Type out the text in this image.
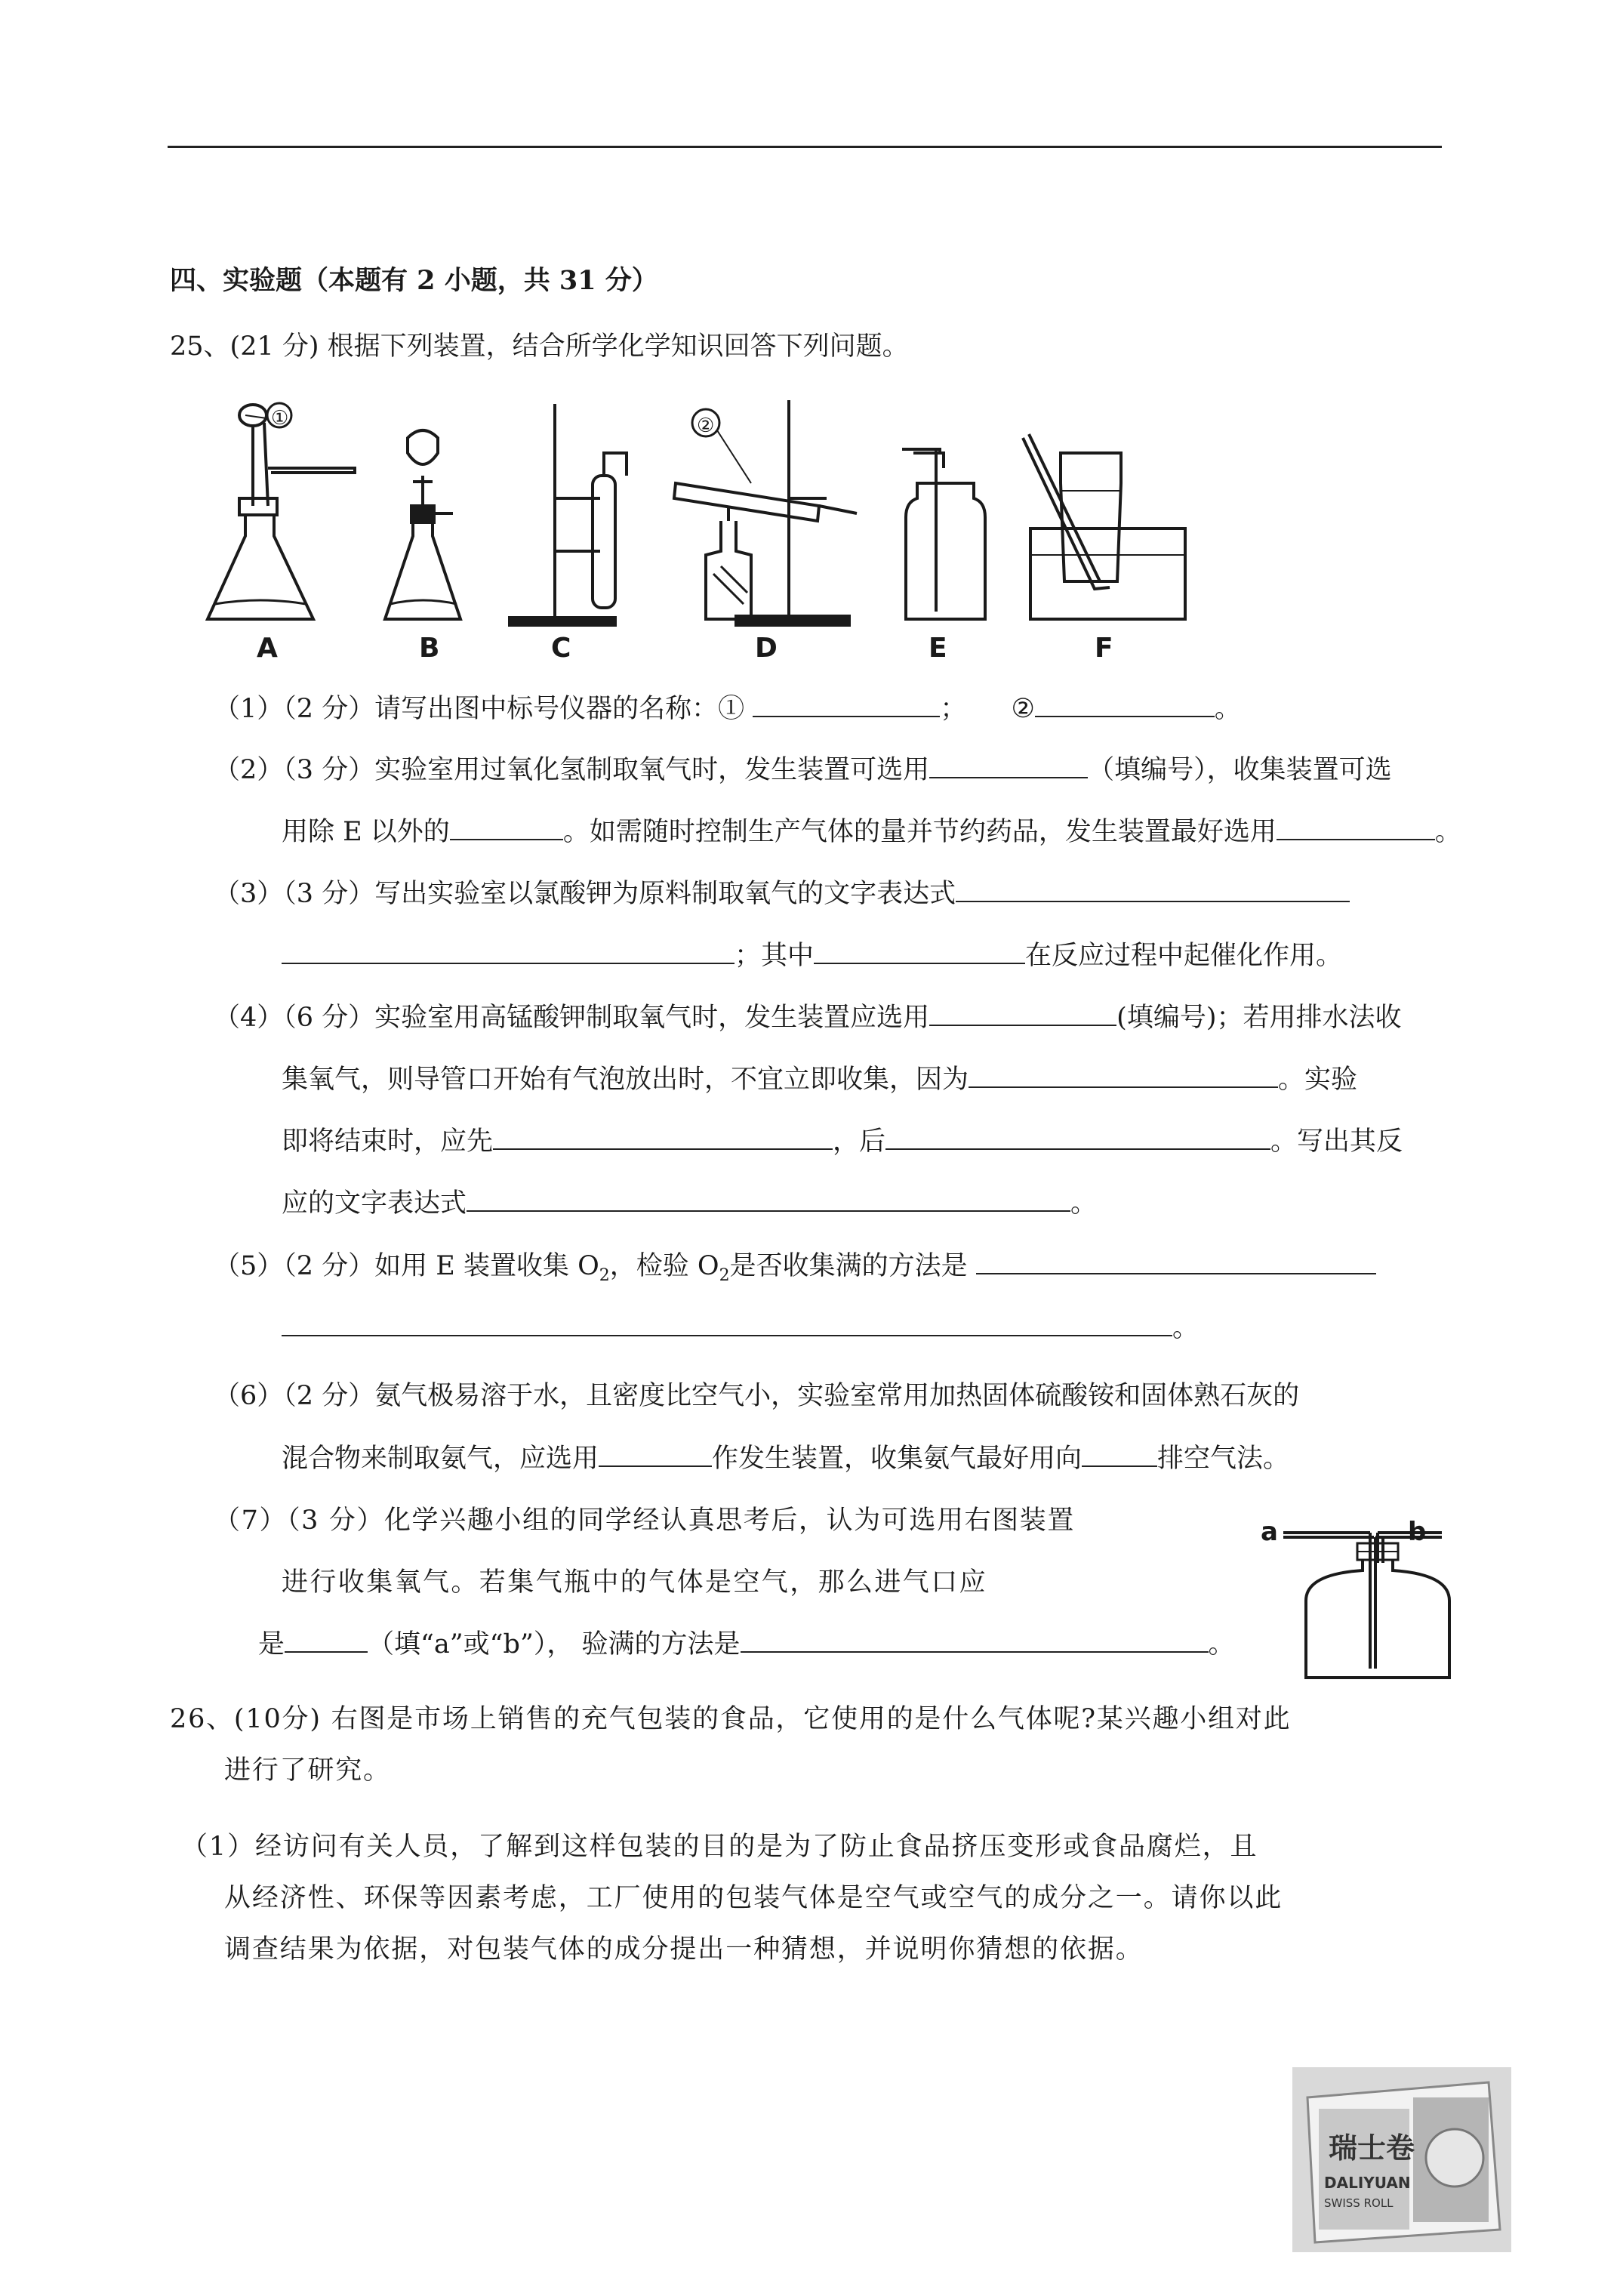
四、实验题（本题有 2 小题，共 31 分）
25、(21 分) 根据下列装置，结合所学化学知识回答下列问题。
A	B	C	D	E	F
①	②
（1）（2 分）请写出图中标号仪器的名称：①	； ②	。
（2）（3 分）实验室用过氧化氢制取氧气时，发生装置可选用	（填编号），收集装置可选
用除 E 以外的	。如需随时控制生产气体的量并节约药品，发生装置最好选用	。
（3）（3 分）写出实验室以氯酸钾为原料制取氧气的文字表达式
；其中	在反应过程中起催化作用。
（4）（6 分）实验室用高锰酸钾制取氧气时，发生装置应选用	(填编号)；若用排水法收
集氧气，则导管口开始有气泡放出时，不宜立即收集，因为	。实验
即将结束时，应先	，后	。写出其反
应的文字表达式	。
（5）（2 分）如用 E 装置收集 $O_2$，检验 $O_2$是否收集满的方法是
。
（6）（2 分）氨气极易溶于水，且密度比空气小，实验室常用加热固体硫酸铵和固体熟石灰的
混合物来制取氨气，应选用	作发生装置，收集氨气最好用向	排空气法。
（7）（3 分）化学兴趣小组的同学经认真思考后，认为可选用右图装置
进行收集氧气。若集气瓶中的气体是空气，那么进气口应
是	（填“a”或“b”）， 验满的方法是	。
a	b
26、(10分) 右图是市场上销售的充气包装的食品，它使用的是什么气体呢?某兴趣小组对此
进行了研究。
（1）经访问有关人员，了解到这样包装的目的是为了防止食品挤压变形或食品腐烂，且
从经济性、环保等因素考虑，工厂使用的包装气体是空气或空气的成分之一。请你以此
调查结果为依据，对包装气体的成分提出一种猜想，并说明你猜想的依据。
瑞士卷
DALIYUAN
SWISS ROLL
